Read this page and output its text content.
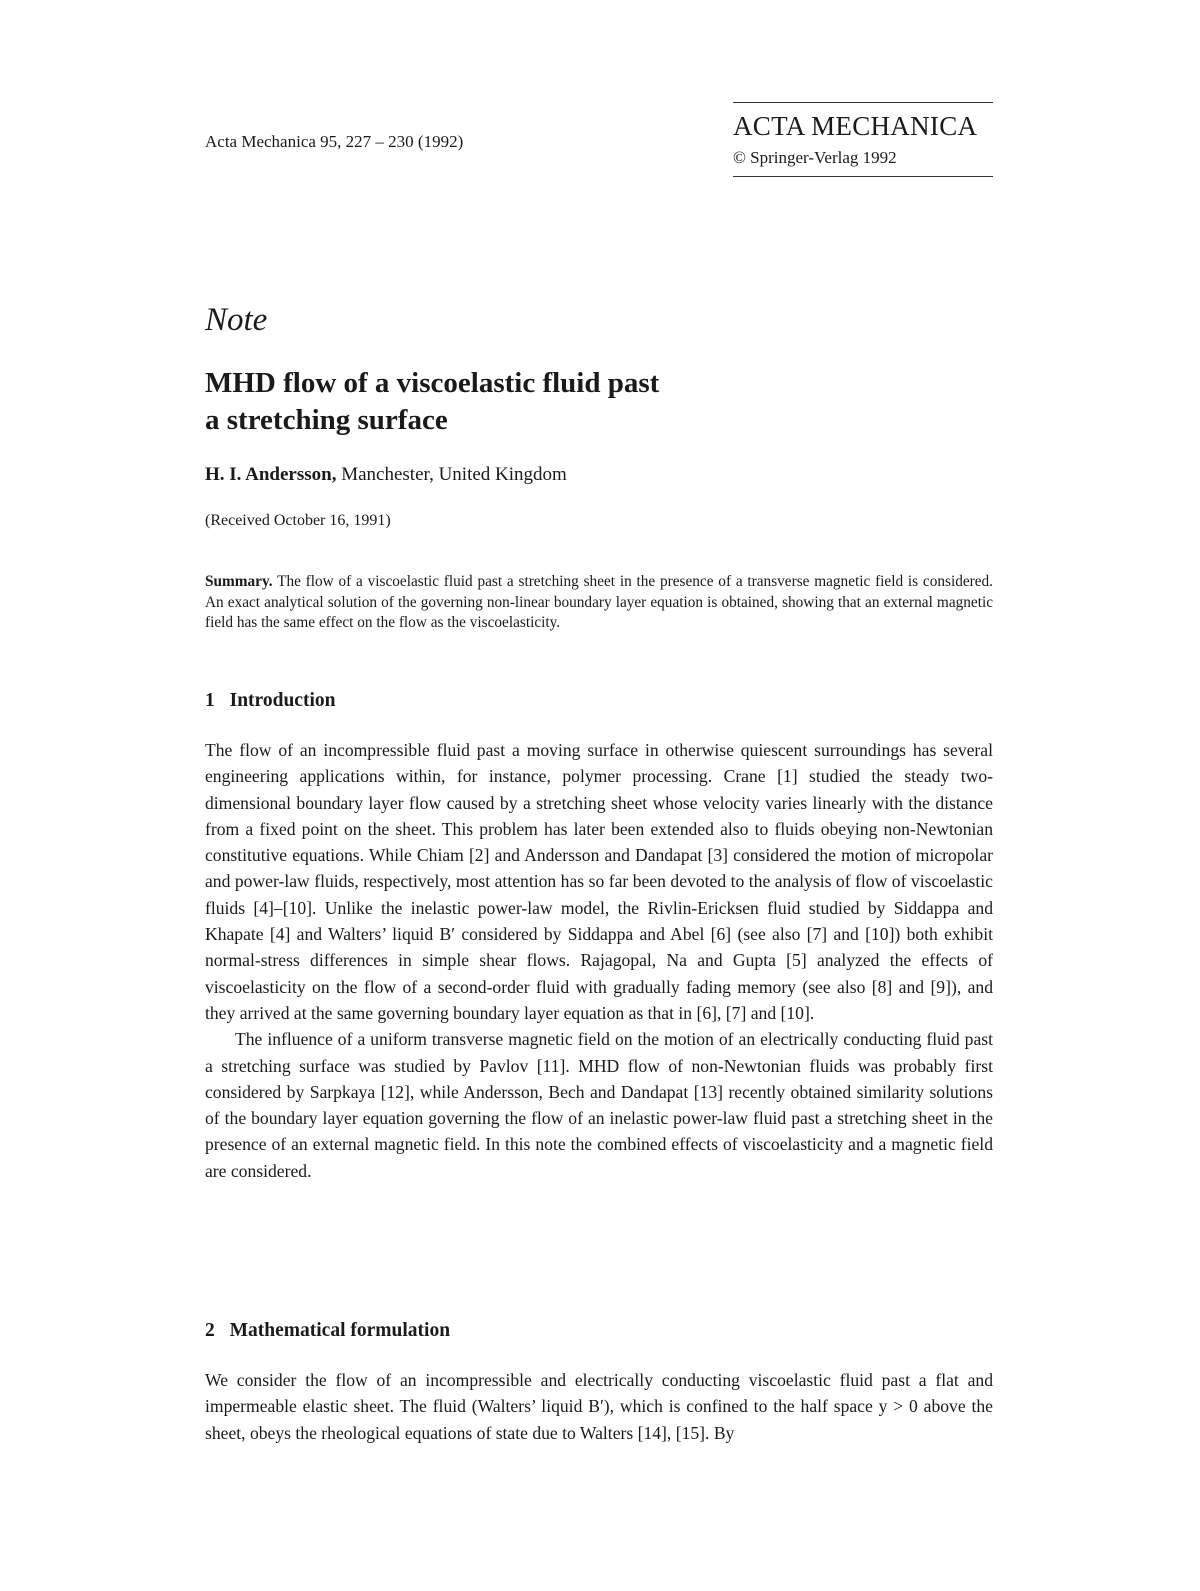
Acta Mechanica 95, 227 – 230 (1992)
ACTA MECHANICA
© Springer-Verlag 1992
Note
MHD flow of a viscoelastic fluid past
a stretching surface
H. I. Andersson, Manchester, United Kingdom
(Received October 16, 1991)
Summary. The flow of a viscoelastic fluid past a stretching sheet in the presence of a transverse magnetic field is considered. An exact analytical solution of the governing non-linear boundary layer equation is obtained, showing that an external magnetic field has the same effect on the flow as the viscoelasticity.
1 Introduction

The flow of an incompressible fluid past a moving surface in otherwise quiescent surroundings has several engineering applications within, for instance, polymer processing. Crane [1] studied the steady two-dimensional boundary layer flow caused by a stretching sheet whose velocity varies linearly with the distance from a fixed point on the sheet. This problem has later been extended also to fluids obeying non-Newtonian constitutive equations. While Chiam [2] and Andersson and Dandapat [3] considered the motion of micropolar and power-law fluids, respectively, most attention has so far been devoted to the analysis of flow of viscoelastic fluids [4]–[10]. Unlike the inelastic power-law model, the Rivlin-Ericksen fluid studied by Siddappa and Khapate [4] and Walters’ liquid B′ considered by Siddappa and Abel [6] (see also [7] and [10]) both exhibit normal-stress differences in simple shear flows. Rajagopal, Na and Gupta [5] analyzed the effects of viscoelasticity on the flow of a second-order fluid with gradually fading memory (see also [8] and [9]), and they arrived at the same governing boundary layer equation as that in [6], [7] and [10].

The influence of a uniform transverse magnetic field on the motion of an electrically conducting fluid past a stretching surface was studied by Pavlov [11]. MHD flow of non-Newtonian fluids was probably first considered by Sarpkaya [12], while Andersson, Bech and Dandapat [13] recently obtained similarity solutions of the boundary layer equation governing the flow of an inelastic power-law fluid past a stretching sheet in the presence of an external magnetic field. In this note the combined effects of viscoelasticity and a magnetic field are considered.

2 Mathematical formulation

We consider the flow of an incompressible and electrically conducting viscoelastic fluid past a flat and impermeable elastic sheet. The fluid (Walters’ liquid B′), which is confined to the half space y > 0 above the sheet, obeys the rheological equations of state due to Walters [14], [15]. By
